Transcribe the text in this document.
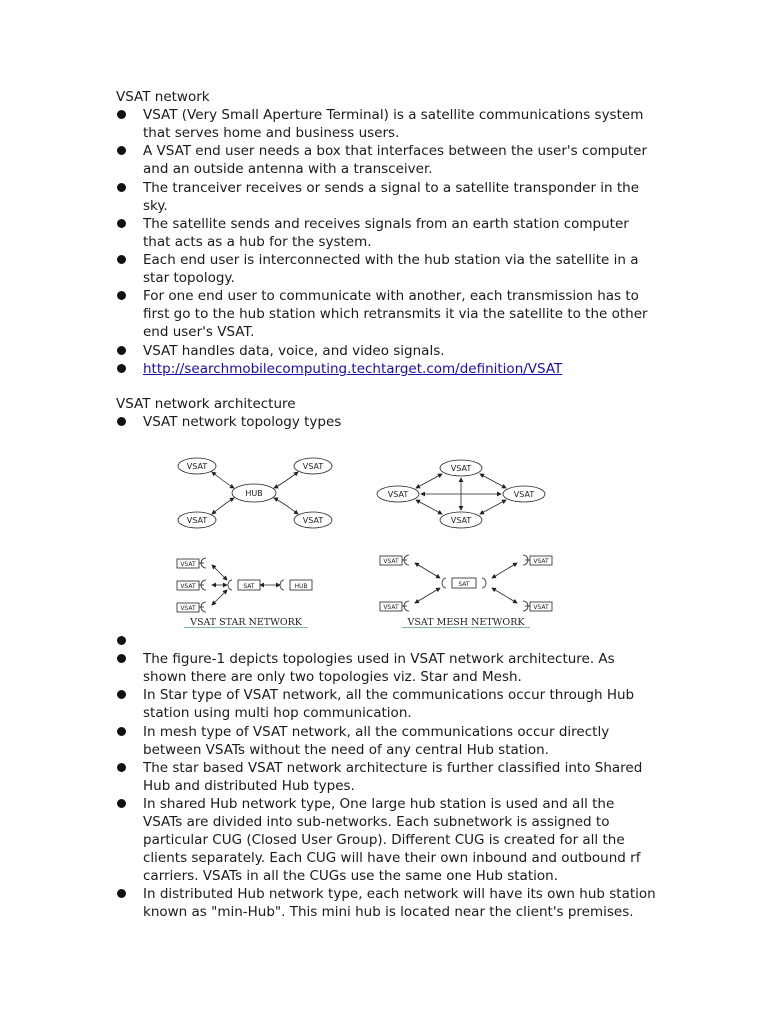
VSAT network
VSAT (Very Small Aperture Terminal) is a satellite communications system that serves home and business users.
A VSAT end user needs a box that interfaces between the user's computer and an outside antenna with a transceiver.
The tranceiver receives or sends a signal to a satellite transponder in the sky.
The satellite sends and receives signals from an earth station computer that acts as a hub for the system.
Each end user is interconnected with the hub station via the satellite in a star topology.
For one end user to communicate with another, each transmission has to first go to the hub station which retransmits it via the satellite to the other end user's VSAT.
VSAT handles data, voice, and video signals.
http://searchmobilecomputing.techtarget.com/definition/VSAT
VSAT network architecture
VSAT network topology types
VSAT	VSAT
HUB
VSAT	VSAT
VSAT
VSAT	VSAT
VSAT
VSAT
VSAT
VSAT
SAT	HUB
VSAT
VSAT
VSAT
VSAT
SAT
VSAT STAR NETWORK	VSAT MESH NETWORK
The figure-1 depicts topologies used in VSAT network architecture. As shown there are only two topologies viz. Star and Mesh.
In Star type of VSAT network, all the communications occur through Hub station using multi hop communication.
In mesh type of VSAT network, all the communications occur directly between VSATs without the need of any central Hub station.
The star based VSAT network architecture is further classified into Shared Hub and distributed Hub types.
In shared Hub network type, One large hub station is used and all the VSATs are divided into sub-networks. Each subnetwork is assigned to particular CUG (Closed User Group). Different CUG is created for all the clients separately. Each CUG will have their own inbound and outbound rf carriers. VSATs in all the CUGs use the same one Hub station.
In distributed Hub network type, each network will have its own hub station known as "min-Hub". This mini hub is located near the client's premises.
